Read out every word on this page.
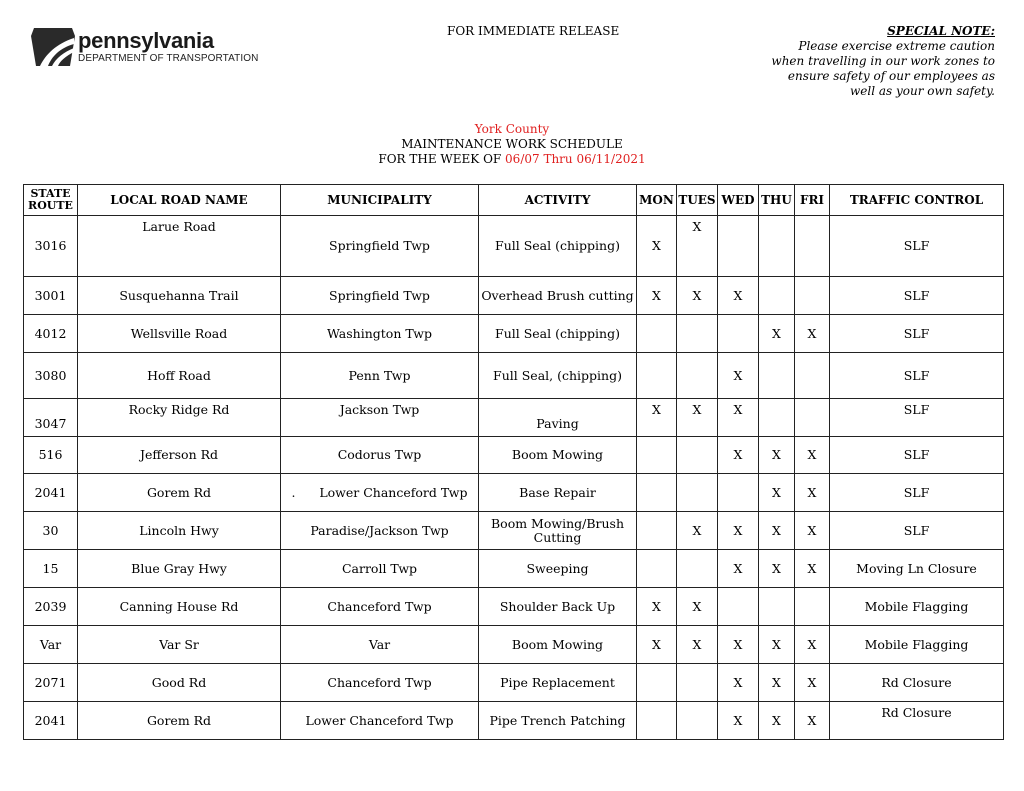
pennsylvania
DEPARTMENT OF TRANSPORTATION
FOR IMMEDIATE RELEASE	SPECIAL NOTE:
Please exercise extreme caution
when travelling in our work zones to
ensure safety of our employees as
well as your own safety.
York County
MAINTENANCE WORK SCHEDULE
FOR THE WEEK OF 06/07 Thru 06/11/2021
STATE
ROUTE	LOCAL ROAD NAME	MUNICIPALITY	ACTIVITY	MON	TUES	WED	THU	FRI	TRAFFIC CONTROL
3016	Larue Road	Springfield Twp	Full Seal (chipping)	X	X				SLF
3001	Susquehanna Trail	Springfield Twp	Overhead Brush cutting	X	X	X			SLF
4012	Wellsville Road	Washington Twp	Full Seal (chipping)				X	X	SLF
3080	Hoff Road	Penn Twp	Full Seal, (chipping)			X			SLF
3047	Rocky Ridge Rd	Jackson Twp	Paving	X	X	X			SLF
516	Jefferson Rd	Codorus Twp	Boom Mowing			X	X	X	SLF
2041	Gorem Rd	.      Lower Chanceford Twp	Base Repair				X	X	SLF
30	Lincoln Hwy	Paradise/Jackson Twp	Boom Mowing/Brush Cutting		X	X	X	X	SLF
15	Blue Gray Hwy	Carroll Twp	Sweeping			X	X	X	Moving Ln Closure
2039	Canning House Rd	Chanceford Twp	Shoulder Back Up	X	X				Mobile Flagging
Var	Var Sr	Var	Boom Mowing	X	X	X	X	X	Mobile Flagging
2071	Good Rd	Chanceford Twp	Pipe Replacement			X	X	X	Rd Closure
2041	Gorem Rd	Lower Chanceford Twp	Pipe Trench Patching			X	X	X	Rd Closure
